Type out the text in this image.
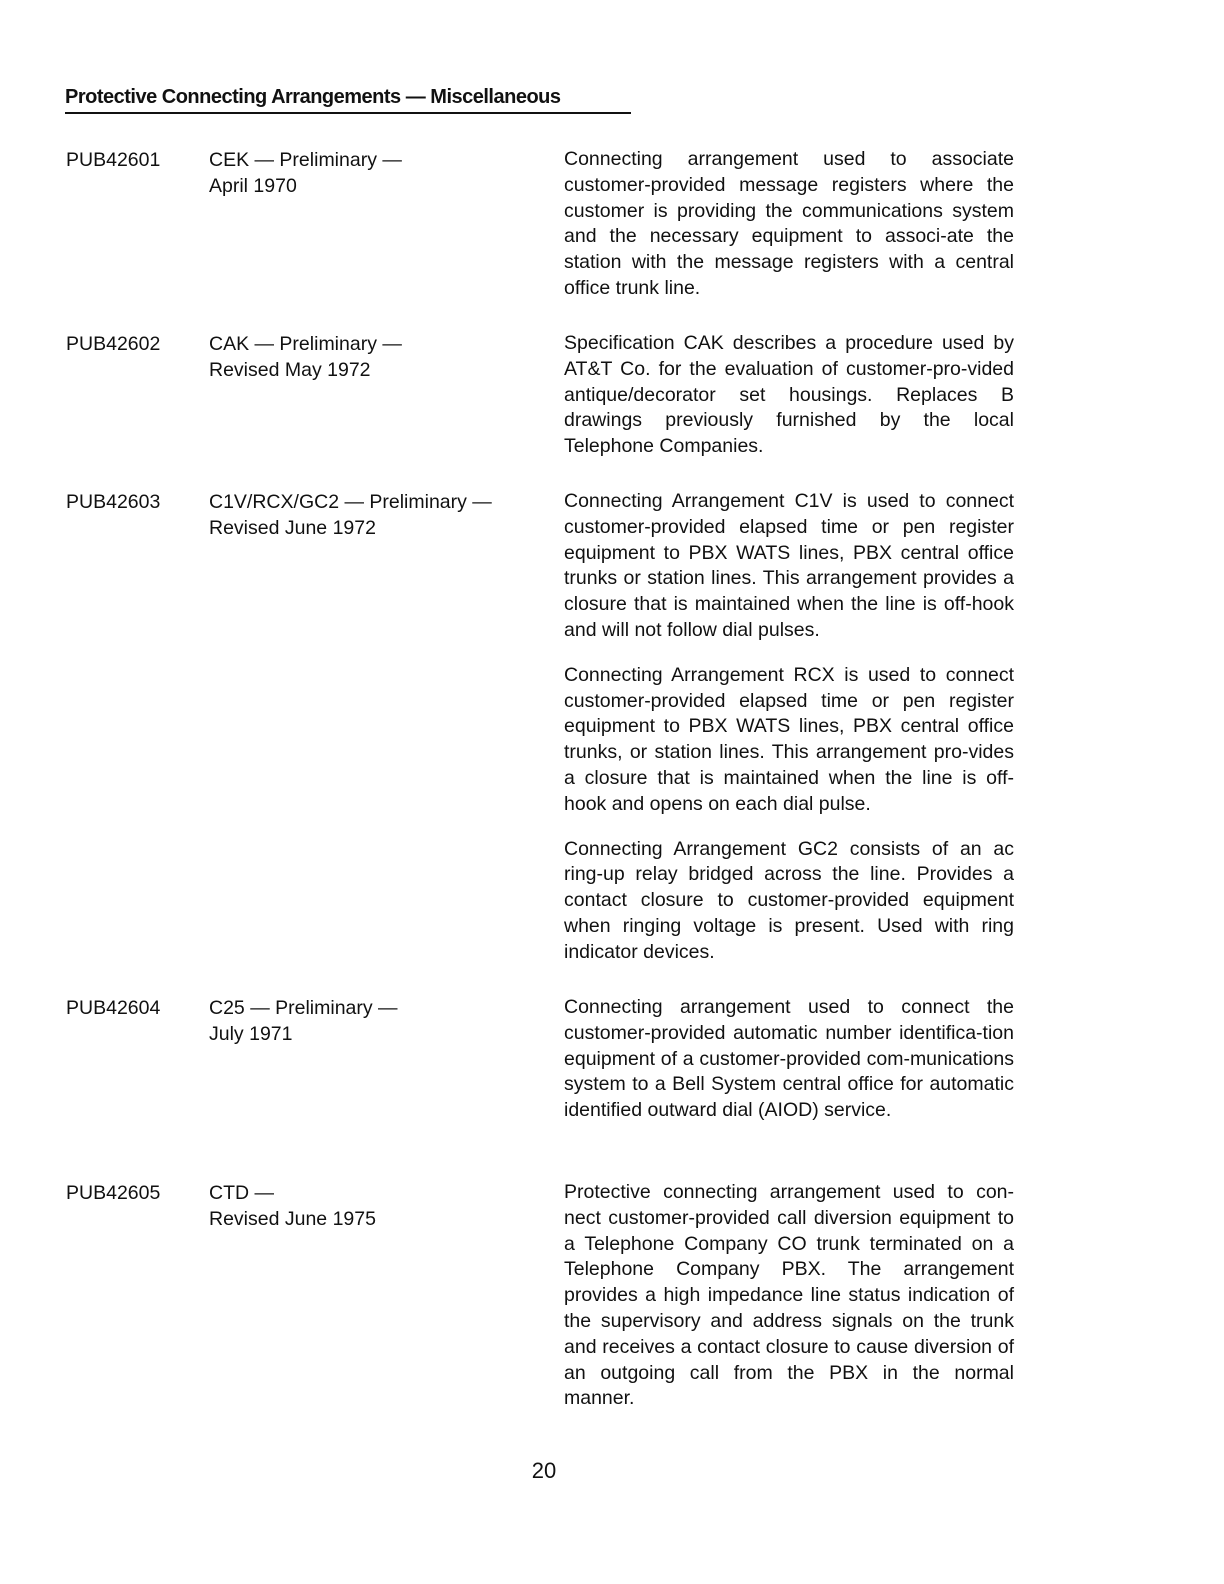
Protective Connecting Arrangements — Miscellaneous
PUB42601 CEK — Preliminary —
April 1970

Connecting arrangement used to associate customer-provided message registers where the customer is providing the communications system and the necessary equipment to associ-ate the station with the message registers with a central office trunk line.

PUB42602 CAK — Preliminary —
Revised May 1972

Specification CAK describes a procedure used by AT&T Co. for the evaluation of customer-pro-vided antique/decorator set housings. Replaces B drawings previously furnished by the local Telephone Companies.

PUB42603 C1V/RCX/GC2 — Preliminary —
Revised June 1972

Connecting Arrangement C1V is used to connect customer-provided elapsed time or pen register equipment to PBX WATS lines, PBX central office trunks or station lines. This arrangement provides a closure that is maintained when the line is off-hook and will not follow dial pulses.

Connecting Arrangement RCX is used to connect customer-provided elapsed time or pen register equipment to PBX WATS lines, PBX central office trunks, or station lines. This arrangement pro-vides a closure that is maintained when the line is off-hook and opens on each dial pulse.

Connecting Arrangement GC2 consists of an ac ring-up relay bridged across the line. Provides a contact closure to customer-provided equipment when ringing voltage is present. Used with ring indicator devices.

PUB42604 C25 — Preliminary —
July 1971

Connecting arrangement used to connect the customer-provided automatic number identifica-tion equipment of a customer-provided com-munications system to a Bell System central office for automatic identified outward dial (AIOD) service.

PUB42605 CTD —
Revised June 1975

Protective connecting arrangement used to con-nect customer-provided call diversion equipment to a Telephone Company CO trunk terminated on a Telephone Company PBX. The arrangement provides a high impedance line status indication of the supervisory and address signals on the trunk and receives a contact closure to cause diversion of an outgoing call from the PBX in the normal manner.

20
